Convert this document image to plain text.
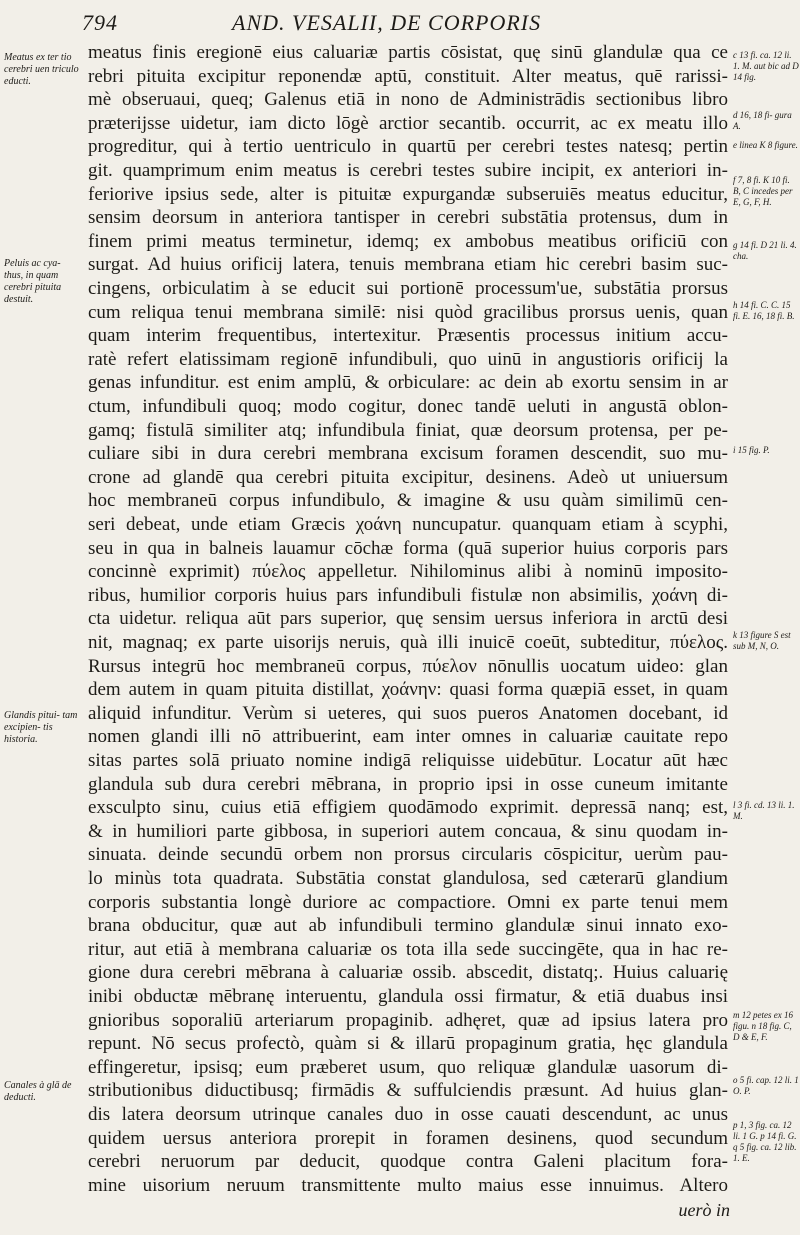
794	AND. VESALII, DE CORPORIS
meatus finis eregionē eius caluariæ partis cōsistat, quę sinū glandulæ qua ce
rebri pituita excipitur reponendæ aptū, constituit. Alter meatus, quē rarissi-
mè obseruaui, queq; Galenus etiā in nono de Administrādis sectionibus libro
præterijsse uidetur, iam dicto lōgè arctior secantib. occurrit, ac ex meatu illo
progreditur, qui à tertio uentriculo in quartū per cerebri testes natesq; pertin
git. quamprimum enim meatus is cerebri testes subire incipit, ex anteriori in-
feriorive ipsius sede, alter is pituitæ expurgandæ subseruiēs meatus educitur,
sensim deorsum in anteriora tantisper in cerebri substātia protensus, dum in
finem primi meatus terminetur, idemq; ex ambobus meatibus orificiū con
surgat. Ad huius orificij latera, tenuis membrana etiam hic cerebri basim suc-
cingens, orbiculatim à se educit sui portionē processum'ue, substātia prorsus
cum reliqua tenui membrana similē: nisi quòd gracilibus prorsus uenis, quan
quam interim frequentibus, intertexitur. Præsentis processus initium accu-
ratè refert elatissimam regionē infundibuli, quo uinū in angustioris orificij la
genas infunditur. est enim amplū, & orbiculare: ac dein ab exortu sensim in ar
ctum, infundibuli quoq; modo cogitur, donec tandē ueluti in angustā oblon-
gamq; fistulā similiter atq; infundibula finiat, quæ deorsum protensa, per pe-
culiare sibi in dura cerebri membrana excisum foramen descendit, suo mu-
crone ad glandē qua cerebri pituita excipitur, desinens. Adeò ut uniuersum
hoc membraneū corpus infundibulo, & imagine & usu quàm similimū cen-
seri debeat, unde etiam Græcis χοάνη nuncupatur. quanquam etiam à scyphi,
seu in qua in balneis lauamur cōchæ forma (quā superior huius corporis pars
concinnè exprimit) πύελος appelletur. Nihilominus alibi à nominū imposito-
ribus, humilior corporis huius pars infundibuli fistulæ non absimilis, χοάνη di-
cta uidetur. reliqua aūt pars superior, quę sensim uersus inferiora in arctū desi
nit, magnaq; ex parte uisorijs neruis, quà illi inuicē coeūt, subteditur, πύελος.
Rursus integrū hoc membraneū corpus, πύελον nōnullis uocatum uideo: glan
dem autem in quam pituita distillat, χοάνην: quasi forma quæpiā esset, in quam
aliquid infunditur. Verùm si ueteres, qui suos pueros Anatomen docebant, id
nomen glandi illi nō attribuerint, eam inter omnes in caluariæ cauitate repo
sitas partes solā priuato nomine indigā reliquisse uidebūtur. Locatur aūt hæc
glandula sub dura cerebri mēbrana, in proprio ipsi in osse cuneum imitante
exsculpto sinu, cuius etiā effigiem quodāmodo exprimit. depressā nanq; est,
& in humiliori parte gibbosa, in superiori autem concaua, & sinu quodam in-
sinuata. deinde secundū orbem non prorsus circularis cōspicitur, uerùm pau-
lo minùs tota quadrata. Substātia constat glandulosa, sed cæterarū glandium
corporis substantia longè duriore ac compactiore. Omni ex parte tenui mem
brana obducitur, quæ aut ab infundibuli termino glandulæ sinui innato exo-
ritur, aut etiā à membrana caluariæ os tota illa sede succingēte, qua in hac re-
gione dura cerebri mēbrana à caluariæ ossib. abscedit, distatq;. Huius caluarię
inibi obductæ mēbranę interuentu, glandula ossi firmatur, & etiā duabus insi
gnioribus soporaliū arteriarum propaginib. adhęret, quæ ad ipsius latera pro
repunt. Nō secus profectò, quàm si & illarū propaginum gratia, hęc glandula
effingeretur, ipsisq; eum præberet usum, quo reliquæ glandulæ uasorum di-
stributionibus diductibusq; firmādis & suffulciendis præsunt. Ad huius glan-
dis latera deorsum utrinque canales duo in osse cauati descendunt, ac unus
quidem uersus anteriora prorepit in foramen desinens, quod secundum
cerebri neruorum par deducit, quodque contra Galeni placitum fora-
mine uisorium neruum transmittente multo maius esse innuimus. Altero
Meatus ex ter tio cerebri uen triculo educti.
Peluis ac cya- thus, in quam cerebri pituita destuit.
Glandis pitui- tam excipien- tis historia.
Canales à glā de deducti.
c 13 fi. ca. 12 li. 1. M. aut bic ad D 14 fig.
d 16, 18 fi- gura A.
e linea K 8 figure.
f 7, 8 fi. K 10 fi. B, C incedes per E, G, F, H.
g 14 fi. D 21 li. 4. cha.
h 14 fi. C. C. 15 fi. E. 16, 18 fi. B.
i 15 fig. P.
k 13 figure S est sub M, N, O.
l 3 fi. cd. 13 li. 1. M.
m 12 petes ex 16 figu. n 18 fig. C, D & E, F.
o 5 fi. cap. 12 li. 1 O. P.
p 1, 3 fig. ca. 12 li. 1 G. p 14 fi. G. q 5 fig. ca. 12 lib. 1. E.
uerò in
